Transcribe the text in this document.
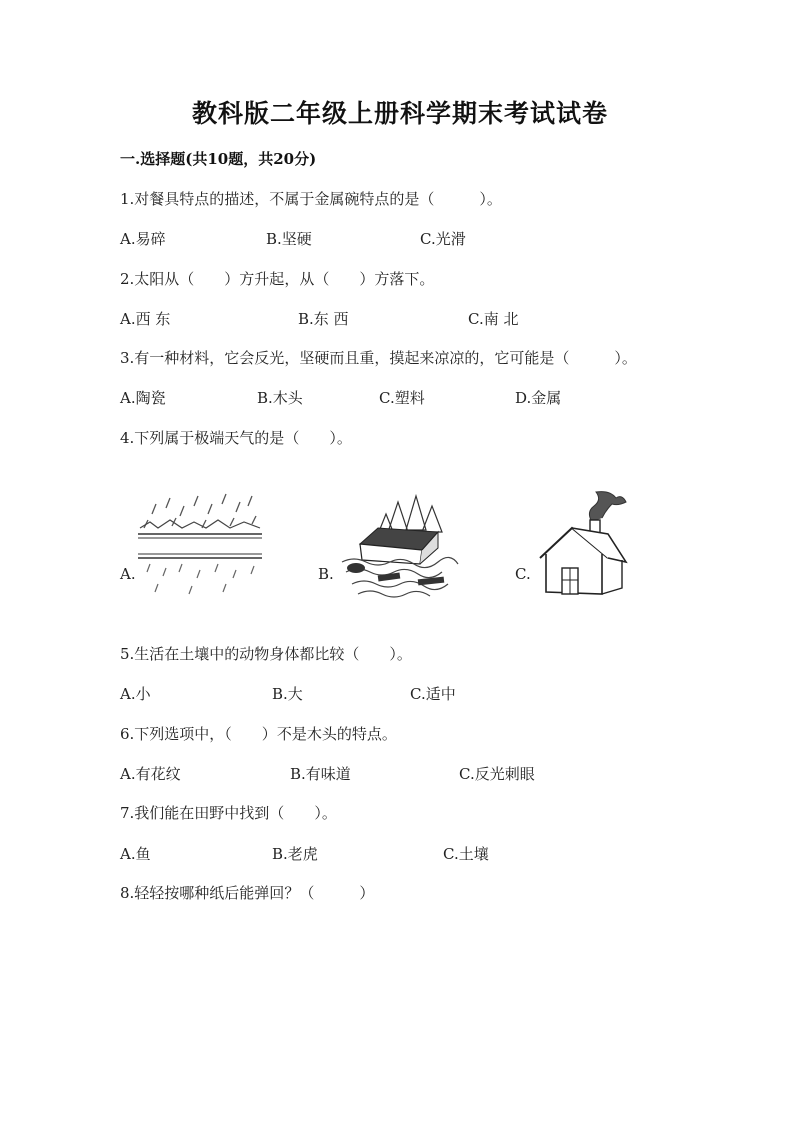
教科版二年级上册科学期末考试试卷
一.选择题(共10题，共20分)
1.对餐具特点的描述，不属于金属碗特点的是（　　　）。
A.易碎	B.坚硬	C.光滑
2.太阳从（　　）方升起，从（　　）方落下。
A.西 东	B.东 西	C.南 北
3.有一种材料，它会反光，坚硬而且重，摸起来凉凉的，它可能是（　　　）。
A.陶瓷	B.木头	C.塑料	D.金属
4.下列属于极端天气的是（　　）。
A.	B.	C.
5.生活在土壤中的动物身体都比较（　　）。
A.小	B.大	C.适中
6.下列选项中，（　　）不是木头的特点。
A.有花纹	B.有味道	C.反光刺眼
7.我们能在田野中找到（　　）。
A.鱼	B.老虎	C.土壤
8.轻轻按哪种纸后能弹回？（　　　）
